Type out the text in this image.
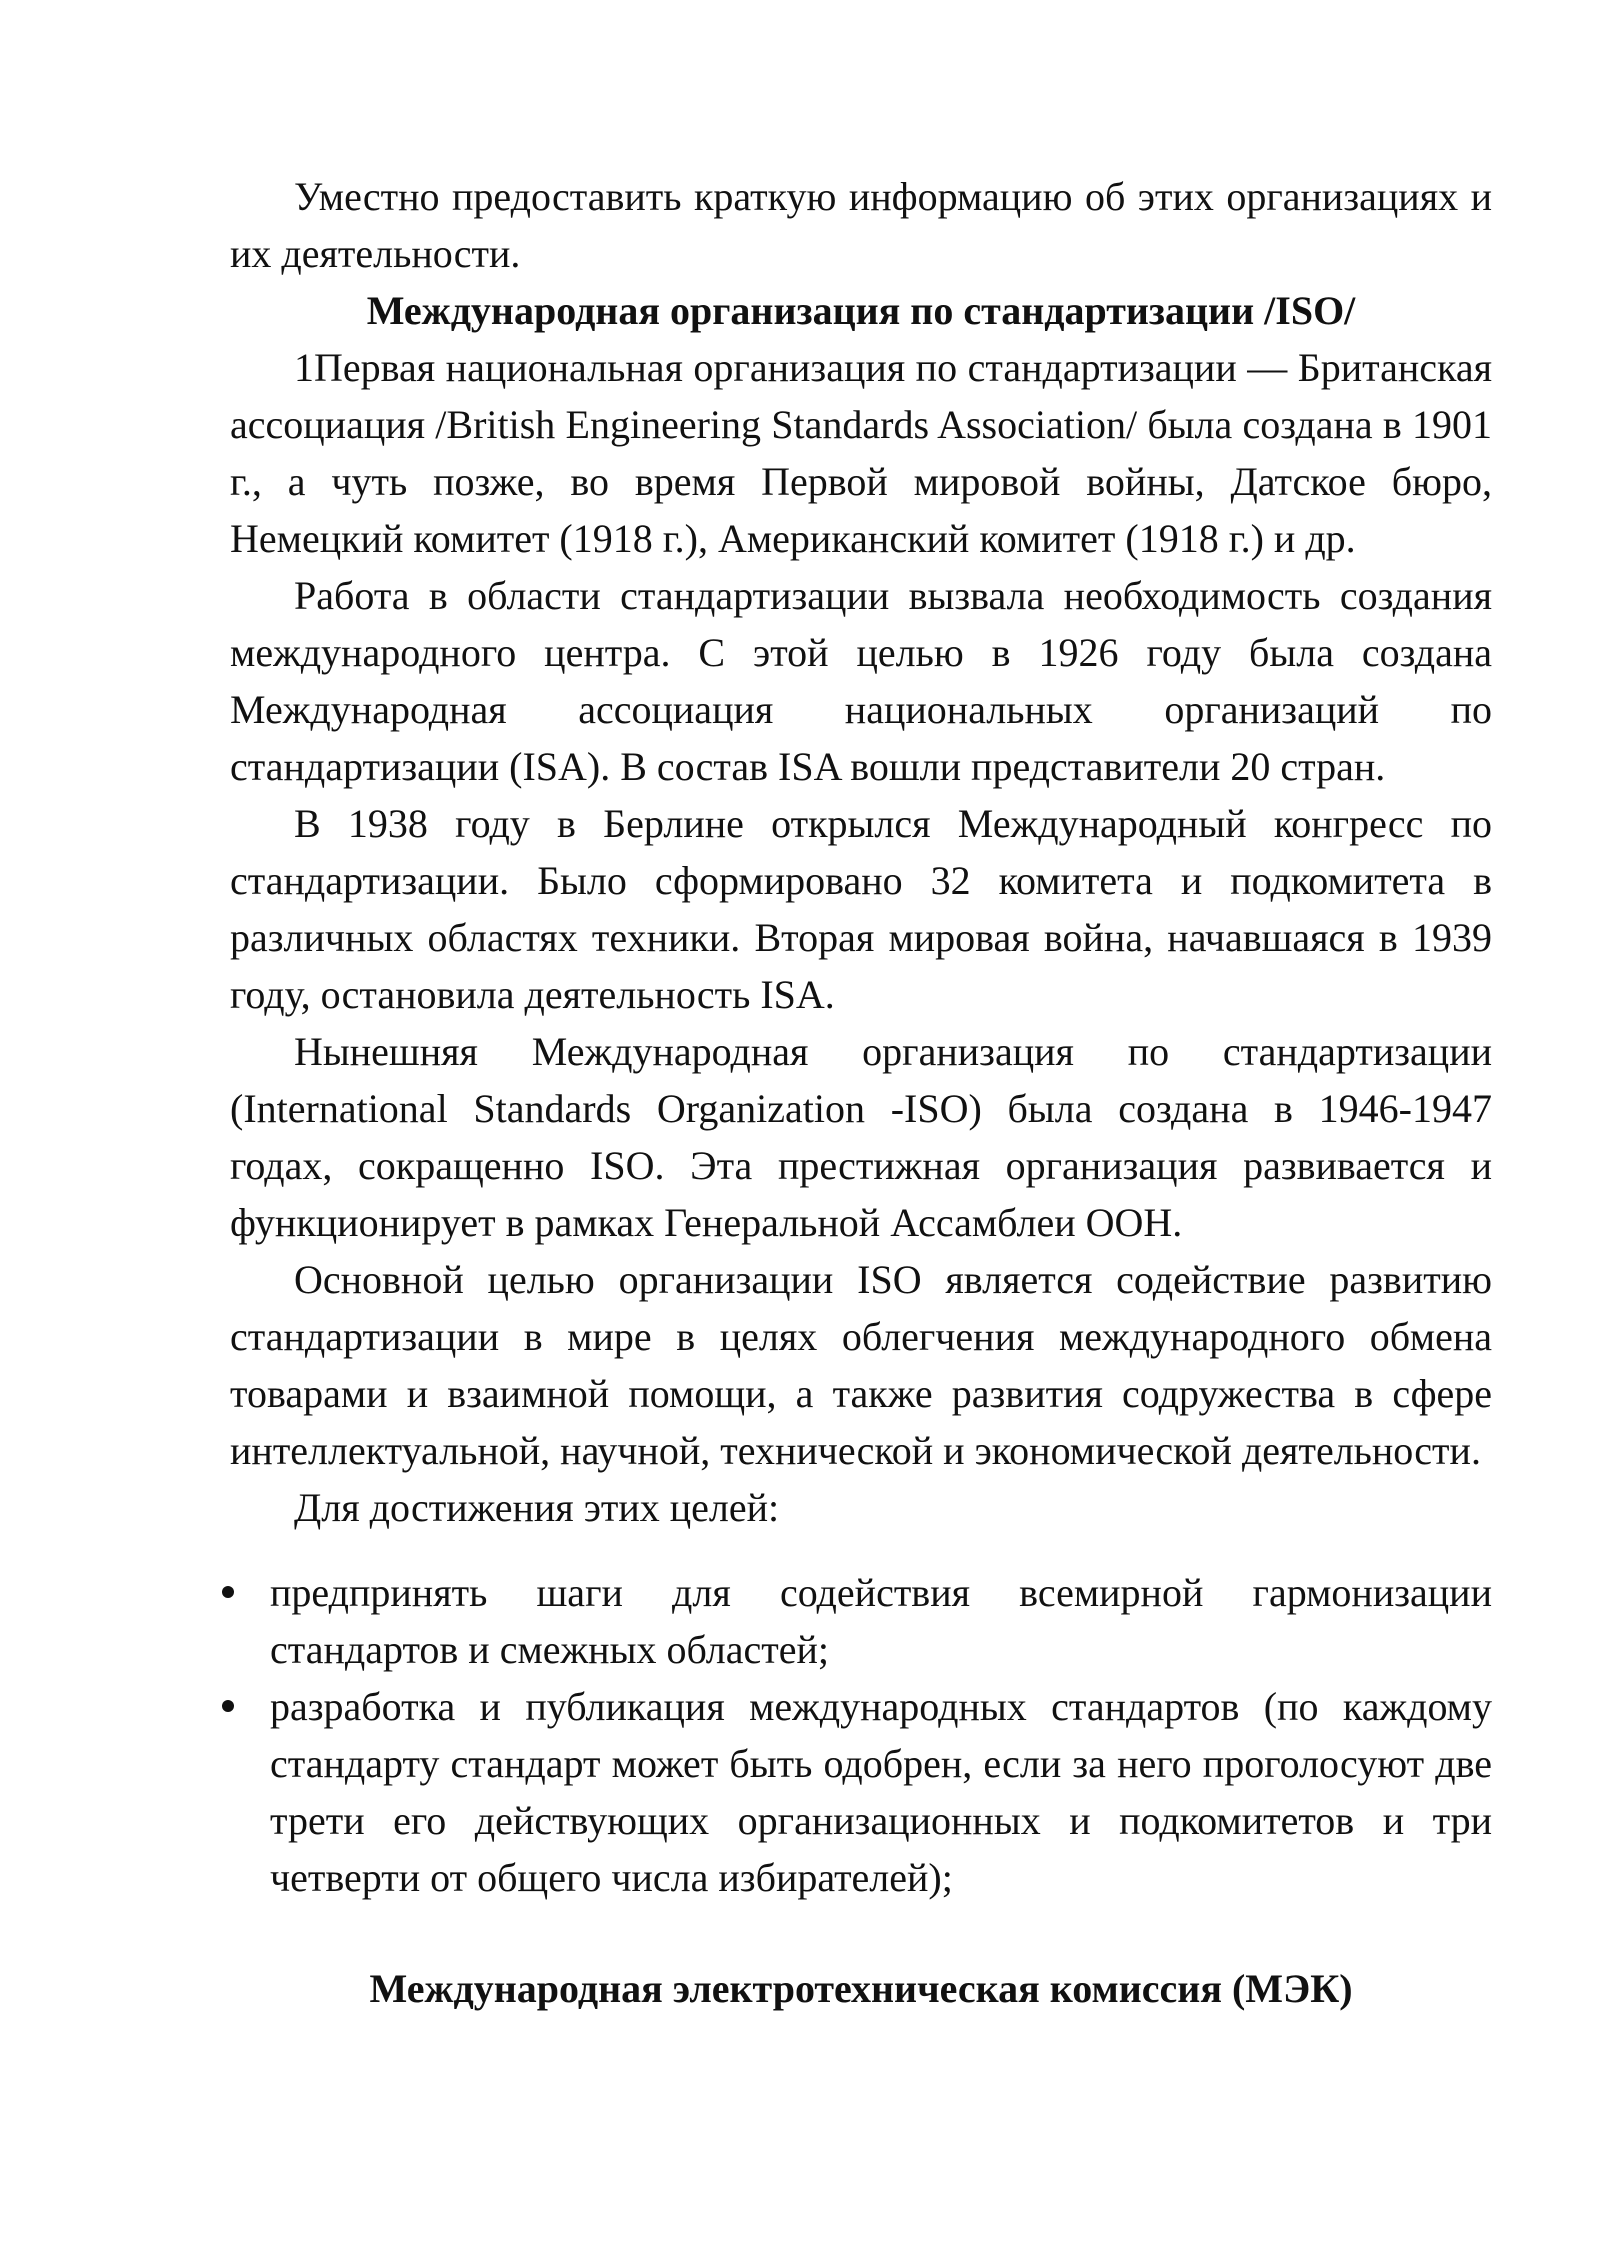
Уместно предоставить краткую информацию об этих организациях и их деятельности.

Международная организация по стандартизации /ISO/

1Первая национальная организация по стандартизации — Британская ассоциация /British Engineering Standards Association/ была создана в 1901 г., а чуть позже, во время Первой мировой войны, Датское бюро, Немецкий комитет (1918 г.), Американский комитет (1918 г.) и др.

Работа в области стандартизации вызвала необходимость создания международного центра. С этой целью в 1926 году была создана Международная ассоциация национальных организаций по стандартизации (ISA). В состав ISA вошли представители 20 стран.

В 1938 году в Берлине открылся Международный конгресс по стандартизации. Было сформировано 32 комитета и подкомитета в различных областях техники. Вторая мировая война, начавшаяся в 1939 году, остановила деятельность ISA.

Нынешняя Международная организация по стандартизации (International Standards Organization -ISO) была создана в 1946-1947 годах, сокращенно ISO. Эта престижная организация развивается и функционирует в рамках Генеральной Ассамблеи ООН.

Основной целью организации ISO является содействие развитию стандартизации в мире в целях облегчения международного обмена товарами и взаимной помощи, а также развития содружества в сфере интеллектуальной, научной, технической и экономической деятельности.

Для достижения этих целей:

предпринять шаги для содействия всемирной гармонизации стандартов и смежных областей;
разработка и публикация международных стандартов (по каждому стандарту стандарт может быть одобрен, если за него проголосуют две трети его действующих организационных и подкомитетов и три четверти от общего числа избирателей);

Международная электротехническая комиссия (МЭК)
